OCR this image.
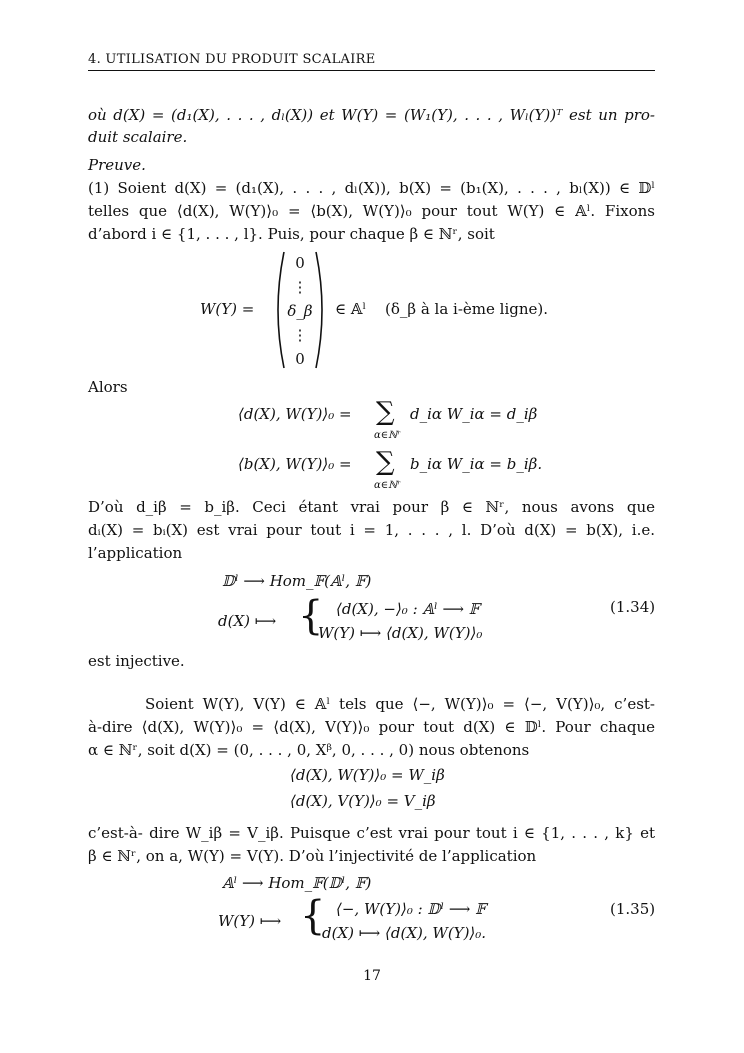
4. UTILISATION DU PRODUIT SCALAIRE
où d(X) = (d₁(X), . . . , dₗ(X)) et W(Y) = (W₁(Y), . . . , Wₗ(Y))ᵀ est un pro-
duit scalaire.
Preuve.
(1) Soient d(X) = (d₁(X), . . . , dₗ(X)), b(X) = (b₁(X), . . . , bₗ(X)) ∈ 𝔻ˡ
telles que ⟨d(X), W(Y)⟩₀ = ⟨b(X), W(Y)⟩₀ pour tout W(Y) ∈ 𝔸ˡ. Fixons
d’abord i ∈ {1, . . . , l}. Puis, pour chaque β ∈ ℕʳ, soit
W(Y) =
0
⋮
δ_β
⋮
0
∈ 𝔸ˡ (δ_β à la i-ème ligne).
Alors
⟨d(X), W(Y)⟩₀ = ∑
α∈ℕʳ
d_iα W_iα = d_iβ
⟨b(X), W(Y)⟩₀ = ∑
α∈ℕʳ
b_iα W_iα = b_iβ.
D’où d_iβ = b_iβ. Ceci étant vrai pour β ∈ ℕʳ, nous avons que
dᵢ(X) = bᵢ(X) est vrai pour tout i = 1, . . . , l. D’où d(X) = b(X), i.e.
l’application
𝔻ˡ ⟶ Hom_𝔽(𝔸ˡ, 𝔽)
d(X) ⟼ { ⟨d(X), −⟩₀ : 𝔸ˡ ⟶ 𝔽
W(Y) ⟼ ⟨d(X), W(Y)⟩₀
(1.34)
est injective.
Soient W(Y), V(Y) ∈ 𝔸ˡ tels que ⟨−, W(Y)⟩₀ = ⟨−, V(Y)⟩₀, c’est-
à-dire ⟨d(X), W(Y)⟩₀ = ⟨d(X), V(Y)⟩₀ pour tout d(X) ∈ 𝔻ˡ. Pour chaque
α ∈ ℕʳ, soit d(X) = (0, . . . , 0, Xᵝ, 0, . . . , 0) nous obtenons
⟨d(X), W(Y)⟩₀ = W_iβ
⟨d(X), V(Y)⟩₀ = V_iβ
c’est-à- dire W_iβ = V_iβ. Puisque c’est vrai pour tout i ∈ {1, . . . , k} et
β ∈ ℕʳ, on a, W(Y) = V(Y). D’où l’injectivité de l’application
𝔸ˡ ⟶ Hom_𝔽(𝔻ˡ, 𝔽)
W(Y) ⟼ { ⟨−, W(Y)⟩₀ : 𝔻ˡ ⟶ 𝔽
d(X) ⟼ ⟨d(X), W(Y)⟩₀.
(1.35)
17
